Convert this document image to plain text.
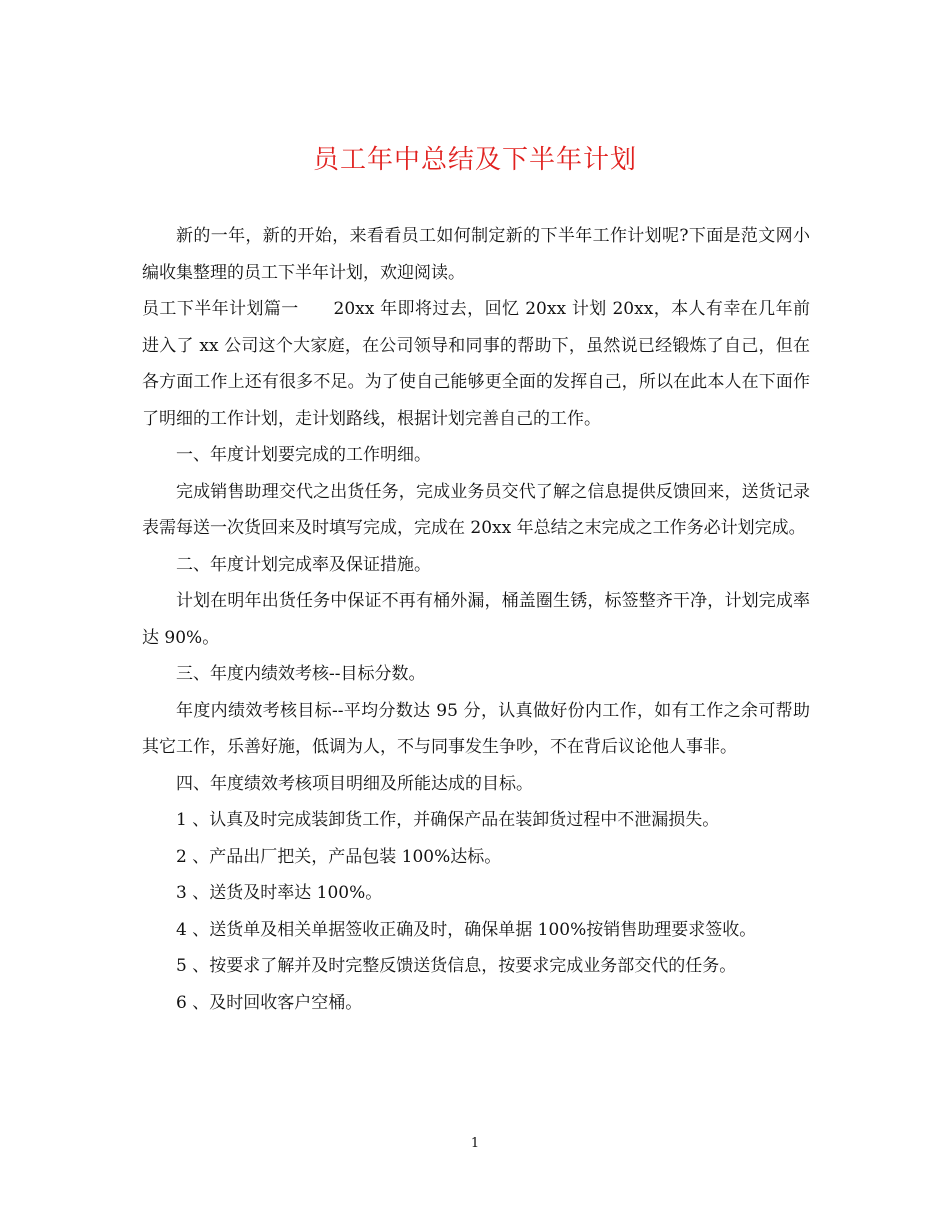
员工年中总结及下半年计划

新的一年，新的开始，来看看员工如何制定新的下半年工作计划呢?下面是范文网小编收集整理的员工下半年计划，欢迎阅读。

员工下半年计划篇一　　20xx 年即将过去，回忆 20xx 计划 20xx，本人有幸在几年前进入了 xx 公司这个大家庭，在公司领导和同事的帮助下，虽然说已经锻炼了自己，但在各方面工作上还有很多不足。为了使自己能够更全面的发挥自己，所以在此本人在下面作了明细的工作计划，走计划路线，根据计划完善自己的工作。

一、年度计划要完成的工作明细。

完成销售助理交代之出货任务，完成业务员交代了解之信息提供反馈回来，送货记录表需每送一次货回来及时填写完成，完成在 20xx 年总结之末完成之工作务必计划完成。

二、年度计划完成率及保证措施。

计划在明年出货任务中保证不再有桶外漏，桶盖圈生锈，标签整齐干净，计划完成率达 90%。

三、年度内绩效考核--目标分数。

年度内绩效考核目标--平均分数达 95 分，认真做好份内工作，如有工作之余可帮助其它工作，乐善好施，低调为人，不与同事发生争吵，不在背后议论他人事非。

四、年度绩效考核项目明细及所能达成的目标。

1 、认真及时完成装卸货工作，并确保产品在装卸货过程中不泄漏损失。

2 、产品出厂把关，产品包装 100%达标。

3 、送货及时率达 100%。

4 、送货单及相关单据签收正确及时，确保单据 100%按销售助理要求签收。

5 、按要求了解并及时完整反馈送货信息，按要求完成业务部交代的任务。

6 、及时回收客户空桶。

1
